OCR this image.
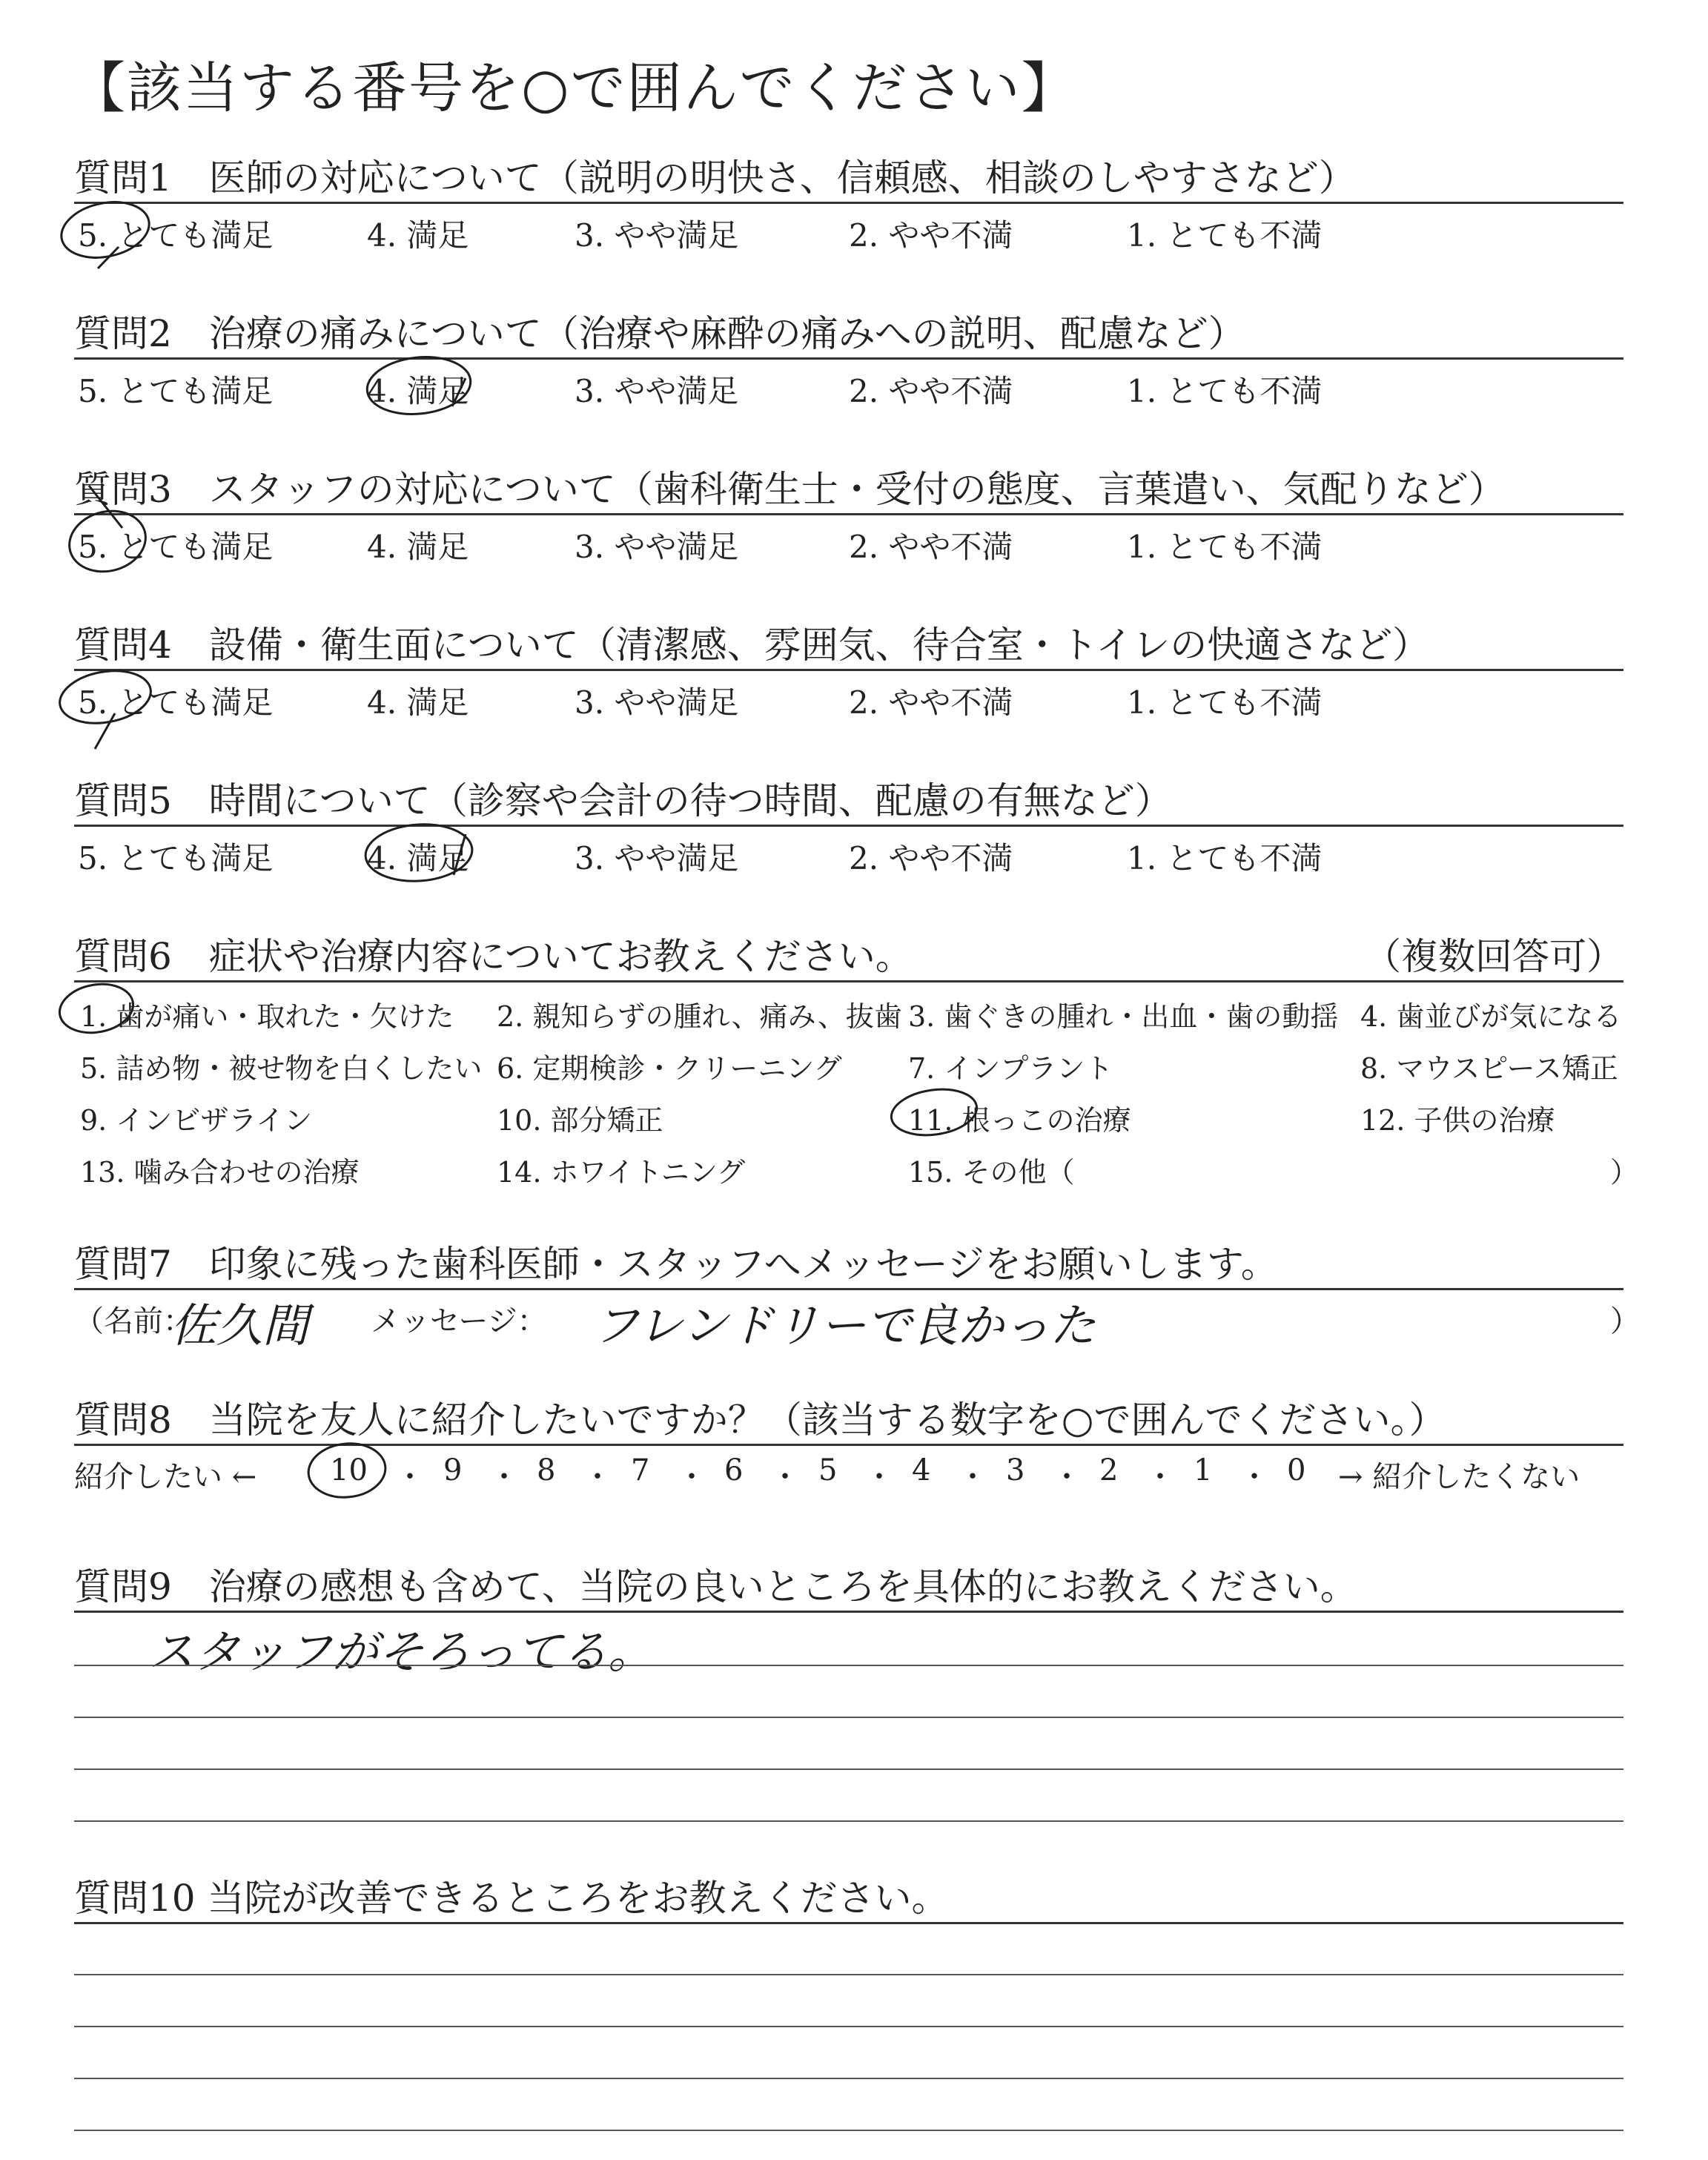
【該当する番号を○で囲んでください】
質問1　医師の対応について（説明の明快さ、信頼感、相談のしやすさなど）
5. とても満足	4. 満足	3. やや満足	2. やや不満	1. とても不満
質問2　治療の痛みについて（治療や麻酔の痛みへの説明、配慮など）
5. とても満足	4. 満足	3. やや満足	2. やや不満	1. とても不満
質問3　スタッフの対応について（歯科衛生士・受付の態度、言葉遣い、気配りなど）
5. とても満足	4. 満足	3. やや満足	2. やや不満	1. とても不満
質問4　設備・衛生面について（清潔感、雰囲気、待合室・トイレの快適さなど）
5. とても満足	4. 満足	3. やや満足	2. やや不満	1. とても不満
質問5　時間について（診察や会計の待つ時間、配慮の有無など）
5. とても満足	4. 満足	3. やや満足	2. やや不満	1. とても不満
質問6　症状や治療内容についてお教えください。	（複数回答可）
1. 歯が痛い・取れた・欠けた 2. 親知らずの腫れ、痛み、抜歯 3. 歯ぐきの腫れ・出血・歯の動揺 4. 歯並びが気になる
5. 詰め物・被せ物を白くしたい 6. 定期検診・クリーニング 7. インプラント	8. マウスピース矯正
9. インビザライン	10. 部分矯正	11. 根っこの治療	12. 子供の治療
13. 噛み合わせの治療	14. ホワイトニング	15. その他（	）
質問7　印象に残った歯科医師・スタッフへメッセージをお願いします。
（名前：
佐久間 メッセージ： フレンドリーで良かった	）
質問8　当院を友人に紹介したいですか？（該当する数字を○で囲んでください。）
紹介したい ←	→ 紹介したくない
10	9	8	7	6	5	4	3	2	1	0
・ ・ ・ ・ ・ ・ ・ ・ ・ ・
質問9　治療の感想も含めて、当院の良いところを具体的にお教えください。
スタッフがそろってる。
質問10 当院が改善できるところをお教えください。
